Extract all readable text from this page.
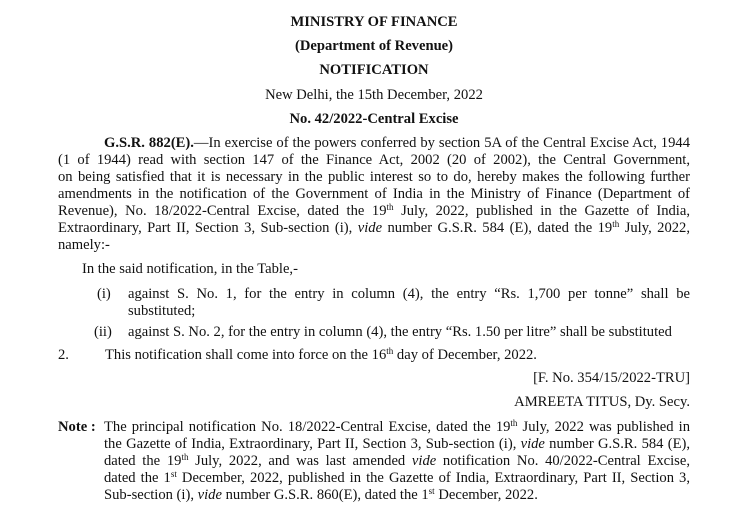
MINISTRY OF FINANCE
(Department of Revenue)
NOTIFICATION
New Delhi, the 15th December, 2022
No. 42/2022-Central Excise
G.S.R. 882(E).—In exercise of the powers conferred by section 5A of the Central Excise Act, 1944
(1 of 1944) read with section 147 of the Finance Act, 2002 (20 of 2002), the Central Government,
on being satisfied that it is necessary in the public interest so to do, hereby makes the following further
amendments in the notification of the Government of India in the Ministry of Finance (Department of
Revenue), No. 18/2022-Central Excise, dated the 19th July, 2022, published in the Gazette of India,
Extraordinary, Part II, Section 3, Sub-section (i), vide number G.S.R. 584 (E), dated the 19th July, 2022,
namely:-
In the said notification, in the Table,-
(i) against S. No. 1, for the entry in column (4), the entry “Rs. 1,700 per tonne” shall be
substituted;
(ii) against S. No. 2, for the entry in column (4), the entry “Rs. 1.50 per litre” shall be substituted
2. This notification shall come into force on the 16th day of December, 2022.
[F. No. 354/15/2022-TRU]
AMREETA TITUS, Dy. Secy.
Note : The principal notification No. 18/2022-Central Excise, dated the 19th July, 2022 was published in
the Gazette of India, Extraordinary, Part II, Section 3, Sub-section (i), vide number G.S.R. 584 (E),
dated the 19th July, 2022, and was last amended vide notification No. 40/2022-Central Excise,
dated the 1st December, 2022, published in the Gazette of India, Extraordinary, Part II, Section 3,
Sub-section (i), vide number G.S.R. 860(E), dated the 1st December, 2022.
